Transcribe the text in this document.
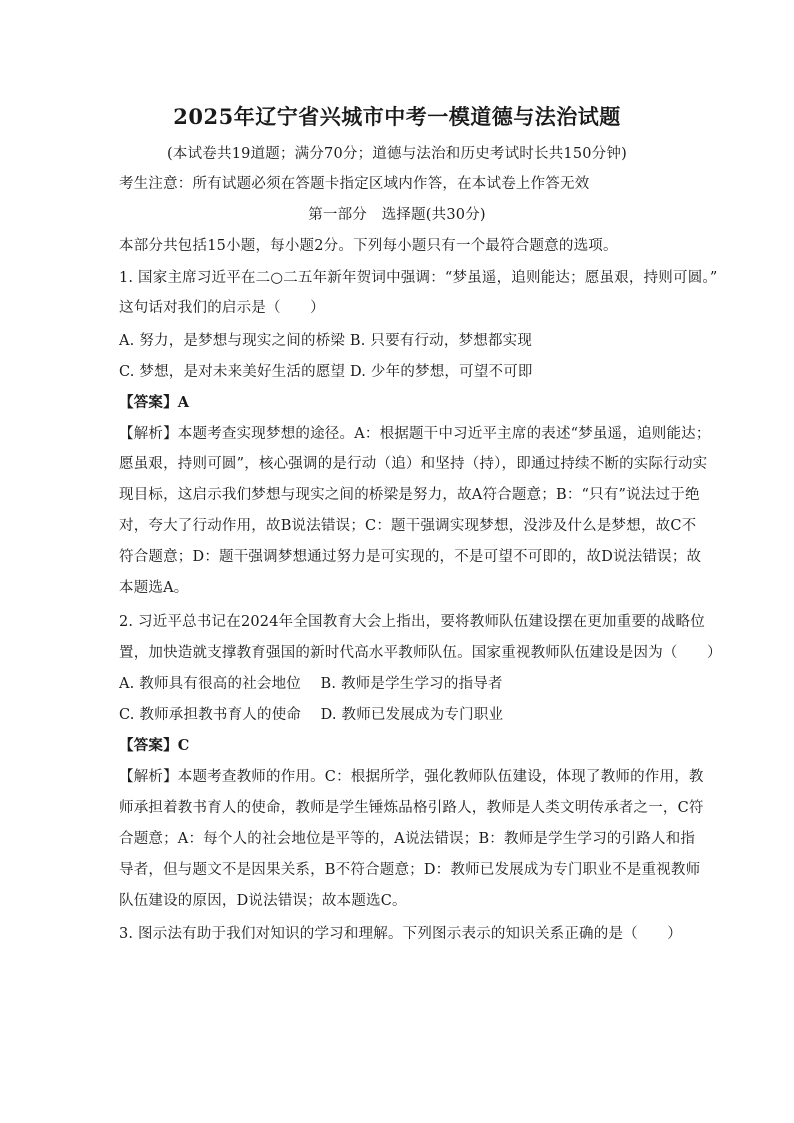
2025年辽宁省兴城市中考一模道德与法治试题
(本试卷共19道题；满分70分；道德与法治和历史考试时长共150分钟)
考生注意：所有试题必须在答题卡指定区域内作答，在本试卷上作答无效
第一部分　选择题(共30分)
本部分共包括15小题，每小题2分。下列每小题只有一个最符合题意的选项。
1. 国家主席习近平在二○二五年新年贺词中强调：“梦虽遥，追则能达；愿虽艰，持则可圆。”
这句话对我们的启示是（　　）
A. 努力，是梦想与现实之间的桥梁 B. 只要有行动，梦想都实现
C. 梦想，是对未来美好生活的愿望 D. 少年的梦想，可望不可即
【答案】A
【解析】本题考查实现梦想的途径。A：根据题干中习近平主席的表述“梦虽遥，追则能达；
愿虽艰，持则可圆”，核心强调的是行动（追）和坚持（持），即通过持续不断的实际行动实
现目标，这启示我们梦想与现实之间的桥梁是努力，故A符合题意；B：“只有”说法过于绝
对，夸大了行动作用，故B说法错误；C：题干强调实现梦想，没涉及什么是梦想，故C不
符合题意；D：题干强调梦想通过努力是可实现的，不是可望不可即的，故D说法错误；故
本题选A。
2. 习近平总书记在2024年全国教育大会上指出，要将教师队伍建设摆在更加重要的战略位
置，加快造就支撑教育强国的新时代高水平教师队伍。国家重视教师队伍建设是因为（　　）
A. 教师具有很高的社会地位　 B. 教师是学生学习的指导者
C. 教师承担教书育人的使命　 D. 教师已发展成为专门职业
【答案】C
【解析】本题考查教师的作用。C：根据所学，强化教师队伍建设，体现了教师的作用，教
师承担着教书育人的使命，教师是学生锤炼品格引路人，教师是人类文明传承者之一，C符
合题意；A：每个人的社会地位是平等的，A说法错误；B：教师是学生学习的引路人和指
导者，但与题文不是因果关系，B不符合题意；D：教师已发展成为专门职业不是重视教师
队伍建设的原因，D说法错误；故本题选C。
3. 图示法有助于我们对知识的学习和理解。下列图示表示的知识关系正确的是（　　）
